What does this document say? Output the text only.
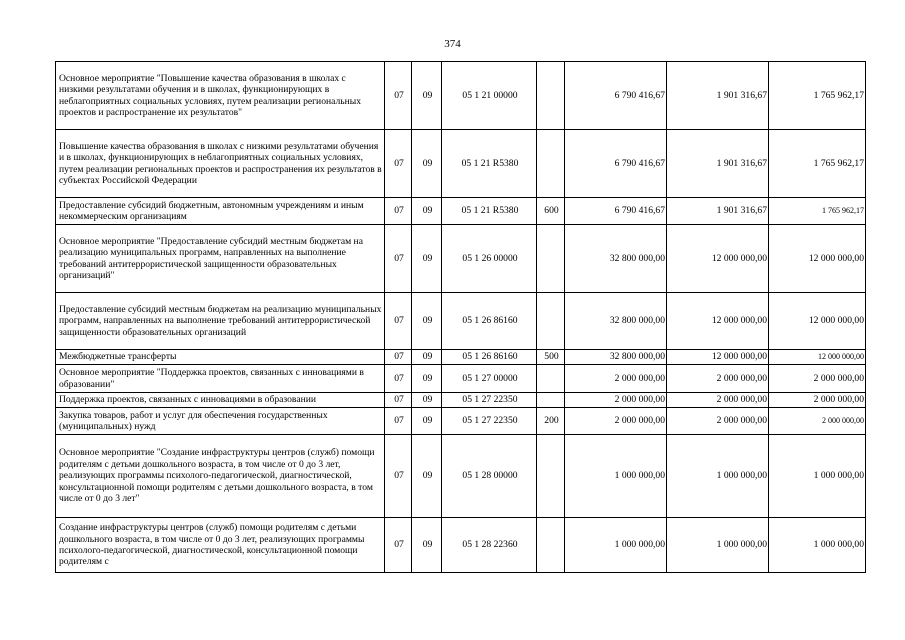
374
Основное мероприятие "Повышение качества образования в школах с низкими результатами обучения и в школах, функционирующих в неблагоприятных социальных условиях, путем реализации региональных проектов и распространение их результатов"	07	09	05 1 21 00000		6 790 416,67	1 901 316,67	1 765 962,17
Повышение качества образования в школах с низкими результатами обучения и в школах, функционирующих в неблагоприятных социальных условиях, путем реализации региональных проектов и распространения их результатов в субъектах Российской Федерации	07	09	05 1 21 R5380		6 790 416,67	1 901 316,67	1 765 962,17
Предоставление субсидий бюджетным, автономным учреждениям и иным некоммерческим организациям	07	09	05 1 21 R5380	600	6 790 416,67	1 901 316,67	1 765 962,17
Основное мероприятие "Предоставление субсидий местным бюджетам на реализацию муниципальных программ, направленных на выполнение требований антитеррористической защищенности образовательных организаций"	07	09	05 1 26 00000		32 800 000,00	12 000 000,00	12 000 000,00
Предоставление субсидий местным бюджетам на реализацию муниципальных программ, направленных на выполнение требований антитеррористической защищенности образовательных организаций	07	09	05 1 26 86160		32 800 000,00	12 000 000,00	12 000 000,00
Межбюджетные трансферты	07	09	05 1 26 86160	500	32 800 000,00	12 000 000,00	12 000 000,00
Основное мероприятие "Поддержка проектов, связанных с инновациями в образовании"	07	09	05 1 27 00000		2 000 000,00	2 000 000,00	2 000 000,00
Поддержка проектов, связанных с инновациями в образовании	07	09	05 1 27 22350		2 000 000,00	2 000 000,00	2 000 000,00
Закупка товаров, работ и услуг для обеспечения государственных (муниципальных) нужд	07	09	05 1 27 22350	200	2 000 000,00	2 000 000,00	2 000 000,00
Основное мероприятие "Создание инфраструктуры центров (служб) помощи родителям с детьми дошкольного возраста, в том числе от 0 до 3 лет, реализующих программы психолого-педагогической, диагностической, консультационной помощи родителям с детьми дошкольного возраста, в том числе от 0 до 3 лет"	07	09	05 1 28 00000		1 000 000,00	1 000 000,00	1 000 000,00
Создание инфраструктуры центров (служб) помощи родителям с детьми дошкольного возраста, в том числе от 0 до 3 лет, реализующих программы психолого-педагогической, диагностической, консультационной помощи родителям с	07	09	05 1 28 22360		1 000 000,00	1 000 000,00	1 000 000,00
